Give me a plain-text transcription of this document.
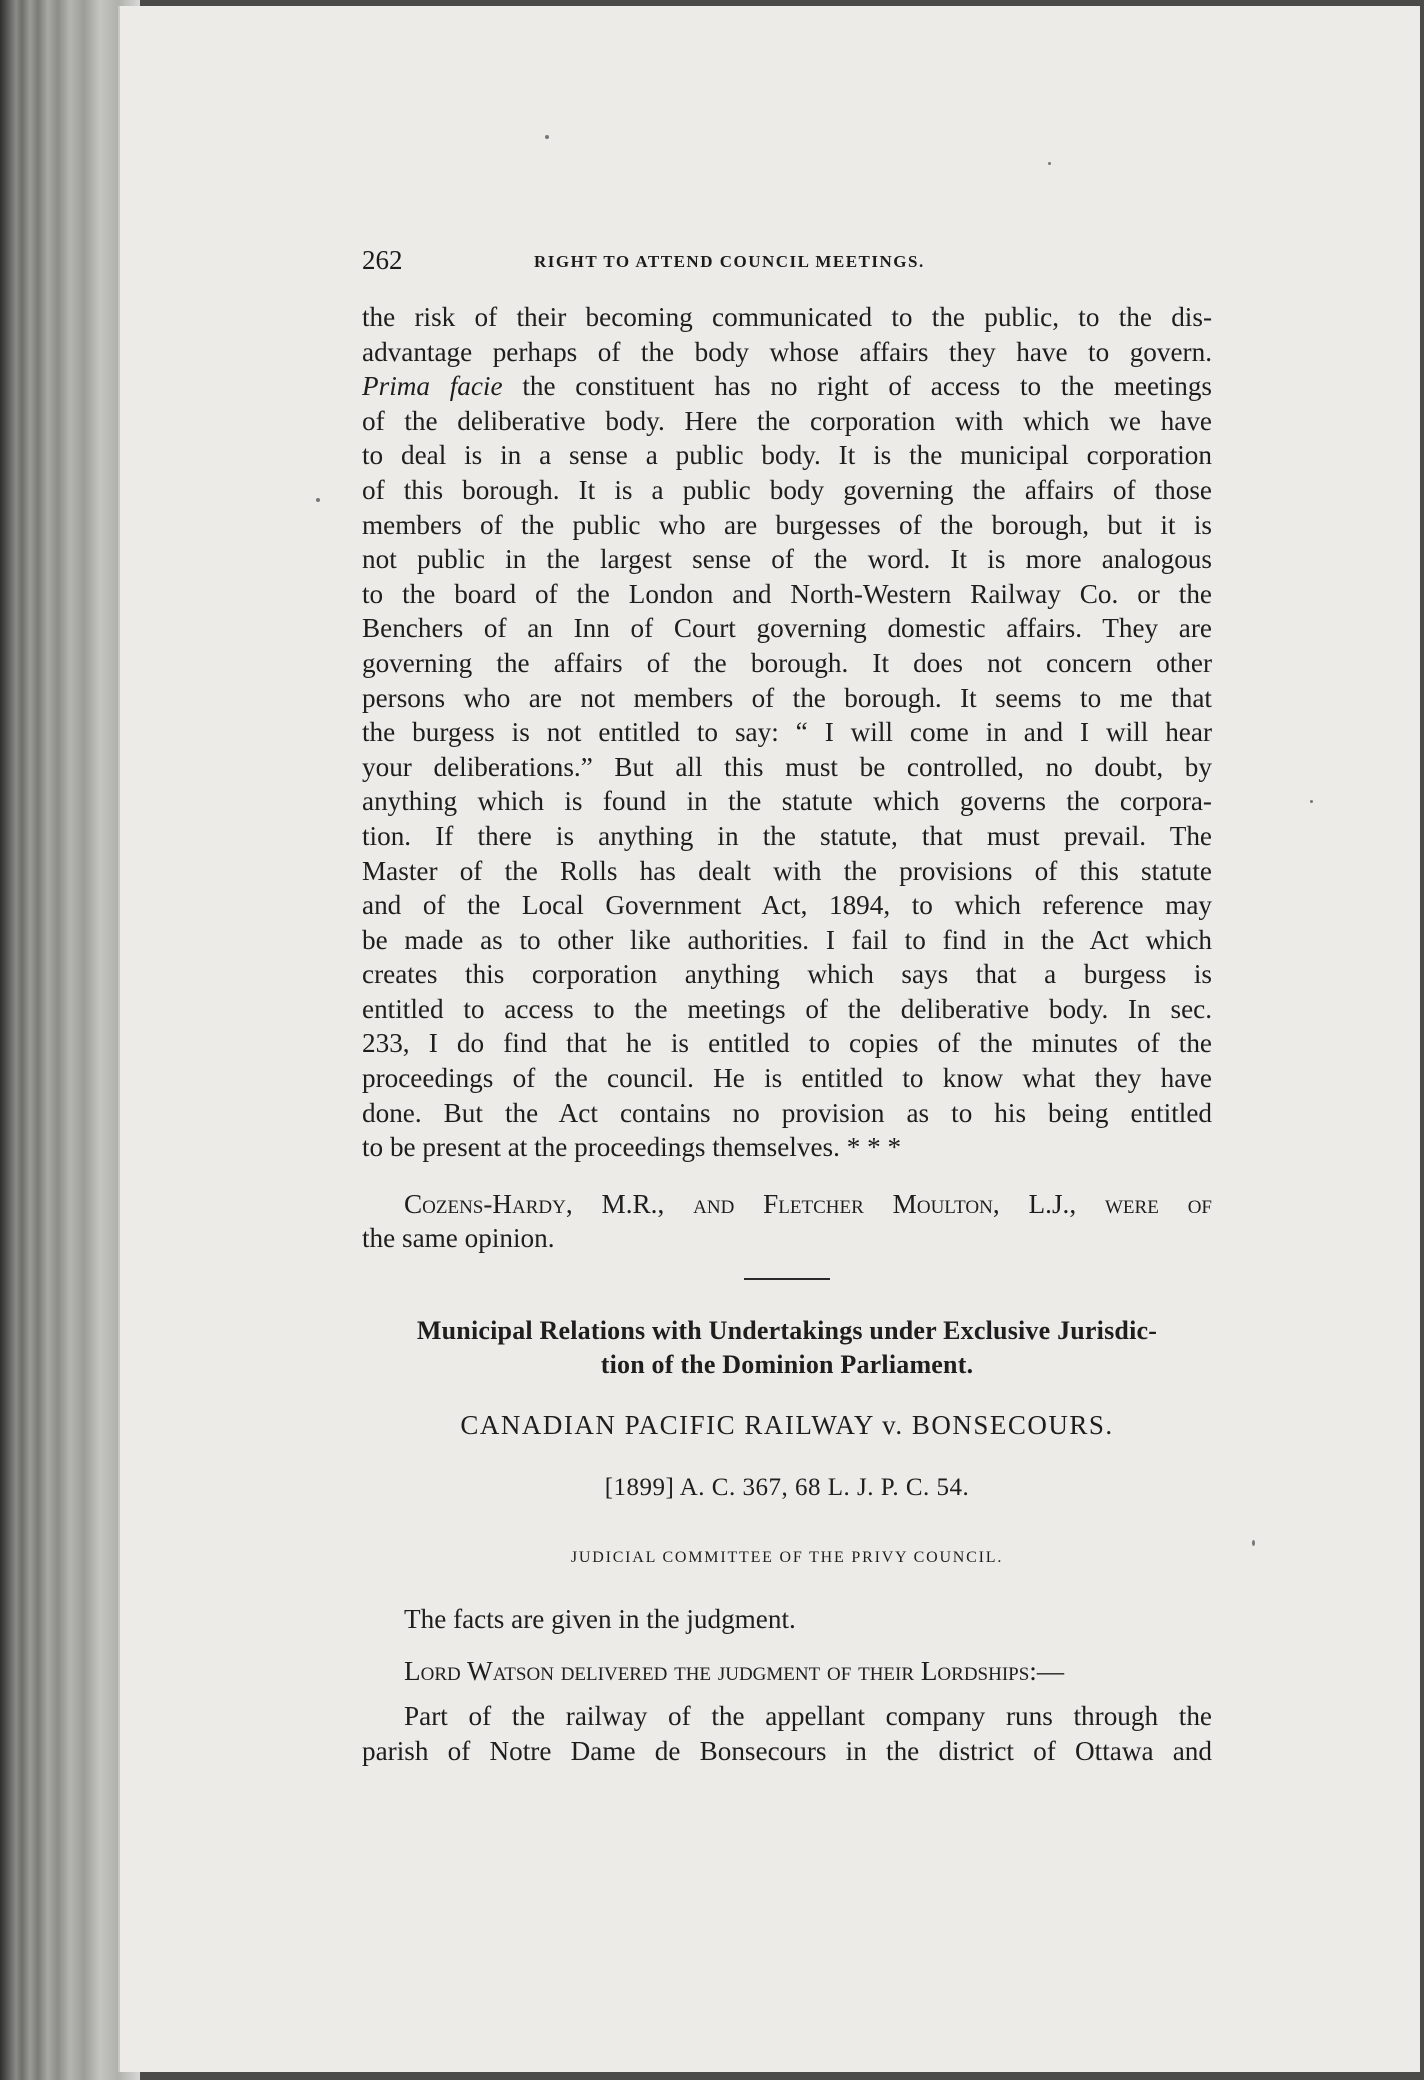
262	RIGHT TO ATTEND COUNCIL MEETINGS.
the risk of their becoming communicated to the public, to the dis-
advantage perhaps of the body whose affairs they have to govern.
Prima facie the constituent has no right of access to the meetings
of the deliberative body. Here the corporation with which we have
to deal is in a sense a public body. It is the municipal corporation
of this borough. It is a public body governing the affairs of those
members of the public who are burgesses of the borough, but it is
not public in the largest sense of the word. It is more analogous
to the board of the London and North-Western Railway Co. or the
Benchers of an Inn of Court governing domestic affairs. They are
governing the affairs of the borough. It does not concern other
persons who are not members of the borough. It seems to me that
the burgess is not entitled to say: “ I will come in and I will hear
your deliberations.” But all this must be controlled, no doubt, by
anything which is found in the statute which governs the corpora-
tion. If there is anything in the statute, that must prevail. The
Master of the Rolls has dealt with the provisions of this statute
and of the Local Government Act, 1894, to which reference may
be made as to other like authorities. I fail to find in the Act which
creates this corporation anything which says that a burgess is
entitled to access to the meetings of the deliberative body. In sec.
233, I do find that he is entitled to copies of the minutes of the
proceedings of the council. He is entitled to know what they have
done. But the Act contains no provision as to his being entitled
to be present at the proceedings themselves. * * *
Cozens-Hardy, M.R., and Fletcher Moulton, L.J., were of
the same opinion.
Municipal Relations with Undertakings under Exclusive Jurisdic-
tion of the Dominion Parliament.
CANADIAN PACIFIC RAILWAY v. BONSECOURS.
[1899] A. C. 367, 68 L. J. P. C. 54.
JUDICIAL COMMITTEE OF THE PRIVY COUNCIL.
The facts are given in the judgment.
Lord Watson delivered the judgment of their Lordships:—
Part of the railway of the appellant company runs through the
parish of Notre Dame de Bonsecours in the district of Ottawa and
